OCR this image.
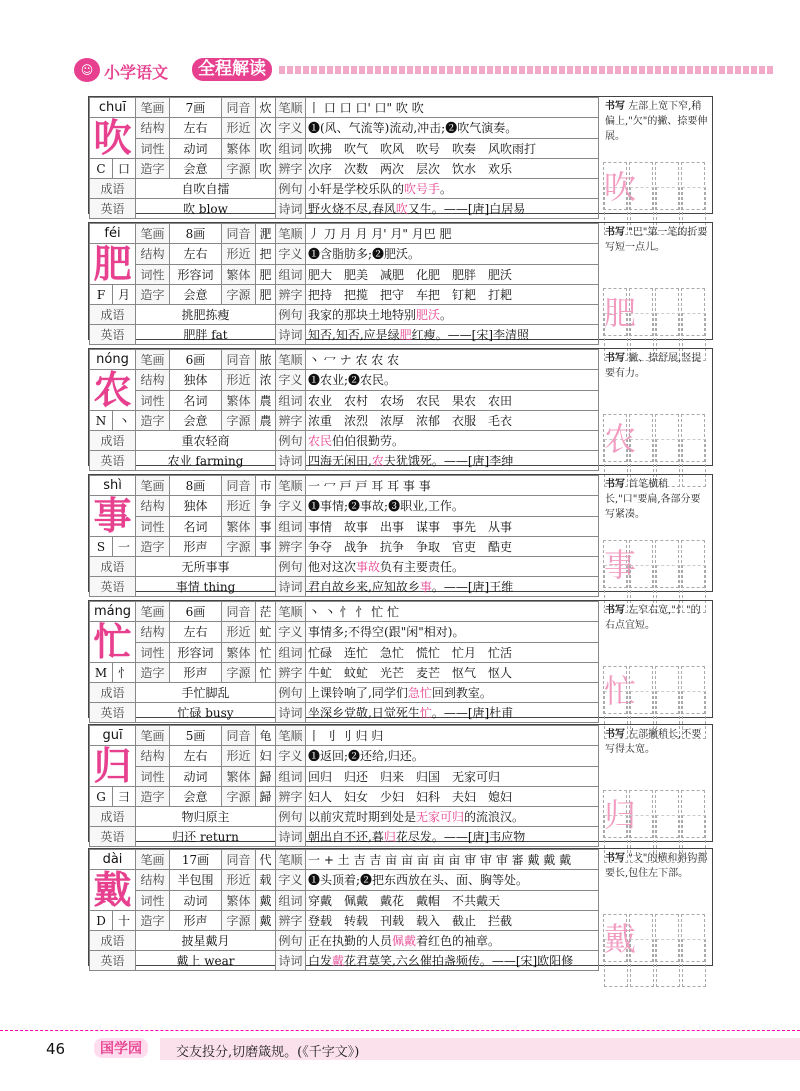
☺ 小学语文	全程解读
chuī		笔画	7画	同音	炊	笔顺	丨 口 口 口' 口" 吹 吹
吹		结构	左右	形近	次	字义	❶(风、气流等)流动,冲击;❷吹气演奏。
		词性	动词	繁体	吹	组词	吹拂　吹气　吹风　吹号　吹奏　风吹雨打
C	口	造字	会意	字源	吹	辨字	次序　次数　两次　层次　饮水　欢乐
成语		自吹自擂				例句	小轩是学校乐队的吹号手。
英语		吹 blow				诗词	野火烧不尽,春风吹又生。——[唐]白居易
书写 左部上宽下窄,稍偏上,"欠"的撇、捺要伸展。
吹
féi		笔画	8画	同音	淝	笔顺	丿 刀 月 月 月' 月" 月巴 肥
肥		结构	左右	形近	把	字义	❶含脂肪多;❷肥沃。
		词性	形容词	繁体	肥	组词	肥大　肥美　减肥　化肥　肥胖　肥沃
F	月	造字	会意	字源	肥	辨字	把持　把揽　把守　车把　钉耙　打耙
成语		挑肥拣瘦				例句	我家的那块土地特别肥沃。
英语		肥胖 fat				诗词	知否,知否,应是绿肥红瘦。——[宋]李清照
书写 "巴"第一笔的折要写短一点儿。
肥
nóng		笔画	6画	同音	脓	笔顺	丶 冖 ナ 农 农 农
农		结构	独体	形近	浓	字义	❶农业;❷农民。
		词性	名词	繁体	農	组词	农业　农村　农场　农民　果农　农田
N	丶	造字	会意	字源	農	辨字	浓重　浓烈　浓厚　浓郁　衣服　毛衣
成语		重农轻商				例句	农民伯伯很勤劳。
英语		农业 farming				诗词	四海无闲田,农夫犹饿死。——[唐]李绅
书写 撇、捺舒展,竖提要有力。
农
shì		笔画	8画	同音	市	笔顺	一 冖 戸 戸 耳 耳 事 事
事		结构	独体	形近	争	字义	❶事情;❷事故;❸职业,工作。
		词性	名词	繁体	事	组词	事情　故事　出事　谋事　事先　从事
S	一	造字	形声	字源	事	辨字	争夺　战争　抗争　争取　官吏　酷吏
成语		无所事事				例句	他对这次事故负有主要责任。
英语		事情 thing				诗词	君自故乡来,应知故乡事。——[唐]王维
书写 首笔横稍长,"口"要扁,各部分要写紧凑。
事
máng		笔画	6画	同音	茫	笔顺	丶 丶 忄 忄 忙 忙
忙		结构	左右	形近	虻	字义	事情多;不得空(跟"闲"相对)。
		词性	形容词	繁体	忙	组词	忙碌　连忙　急忙　慌忙　忙月　忙活
M	忄	造字	形声	字源	忙	辨字	牛虻　蚊虻　光芒　麦芒　怄气　怄人
成语		手忙脚乱				例句	上课铃响了,同学们急忙回到教室。
英语		忙碌 busy				诗词	坐深乡党敬,日觉死生忙。——[唐]杜甫
书写 左窄右宽,"忄"的右点宜短。
忙
guī		笔画	5画	同音	龟	笔顺	丨 刂 刂 归 归
归		结构	左右	形近	妇	字义	❶返回;❷还给,归还。
		词性	动词	繁体	歸	组词	回归　归还　归来　归国　无家可归
G	彐	造字	会意	字源	歸	辨字	妇人　妇女　少妇　妇科　夫妇　媳妇
成语		物归原主				例句	以前灾荒时期到处是无家可归的流浪汉。
英语		归还 return				诗词	朝出自不还,暮归花尽发。——[唐]韦应物
书写 左部撇稍长,不要写得太宽。
归
dài		笔画	17画	同音	代	笔顺	一 + 土 吉 吉 亩 亩 亩 亩 亩 审 审 审 審 戴 戴 戴
戴		结构	半包围	形近	载	字义	❶头顶着;❷把东西放在头、面、胸等处。
		词性	动词	繁体	戴	组词	穿戴　佩戴　戴花　戴帽　不共戴天
D	十	造字	形声	字源	戴	辨字	登载　转载　刊载　载入　截止　拦截
成语		披星戴月				例句	正在执勤的人员佩戴着红色的袖章。
英语		戴上 wear				诗词	白发戴花君莫笑,六幺催拍盏频传。——[宋]欧阳修
书写 "戈"的横和斜钩都要长,包住左下部。
戴
46	国学园	交友投分,切磨箴规。(《千字文》)
